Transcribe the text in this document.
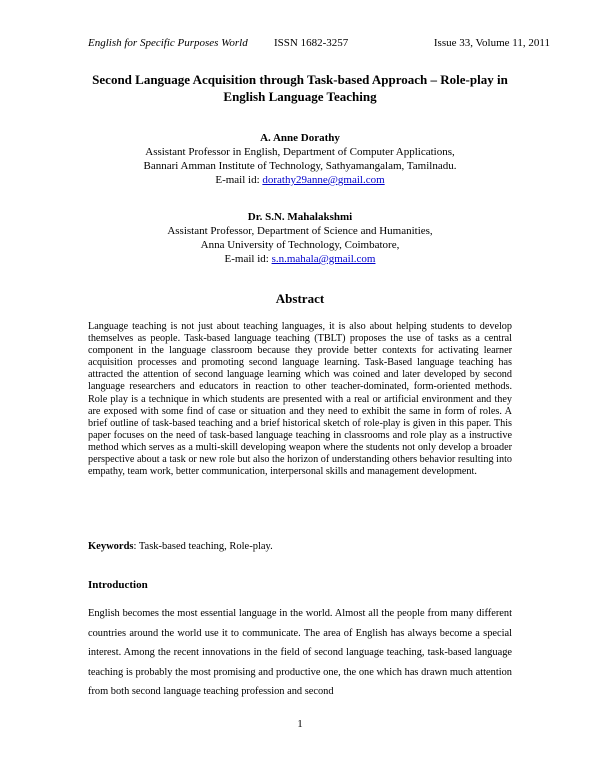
English for Specific Purposes World ISSN 1682-3257	Issue 33, Volume 11, 2011
Second Language Acquisition through Task-based Approach – Role-play in English Language Teaching
A. Anne Dorathy
Assistant Professor in English, Department of Computer Applications,
Bannari Amman Institute of Technology, Sathyamangalam, Tamilnadu.
E-mail id: dorathy29anne@gmail.com
Dr. S.N. Mahalakshmi
Assistant Professor, Department of Science and Humanities,
Anna University of Technology, Coimbatore,
E-mail id: s.n.mahala@gmail.com
Abstract
Language teaching is not just about teaching languages, it is also about helping students to develop themselves as people. Task-based language teaching (TBLT) proposes the use of tasks as a central component in the language classroom because they provide better contexts for activating learner acquisition processes and promoting second language learning. Task-Based language teaching has attracted the attention of second language learning which was coined and later developed by second language researchers and educators in reaction to other teacher-dominated, form-oriented methods. Role play is a technique in which students are presented with a real or artificial environment and they are exposed with some find of case or situation and they need to exhibit the same in form of roles. A brief outline of task-based teaching and a brief historical sketch of role-play is given in this paper. This paper focuses on the need of task-based language teaching in classrooms and role play as a instructive method which serves as a multi-skill developing weapon where the students not only develop a broader perspective about a task or new role but also the horizon of understanding others behavior resulting into empathy, team work, better communication, interpersonal skills and management development.
Keywords: Task-based teaching, Role-play.
Introduction
English becomes the most essential language in the world. Almost all the people from many different countries around the world use it to communicate. The area of English has always become a special interest. Among the recent innovations in the field of second language teaching, task-based language teaching is probably the most promising and productive one, the one which has drawn much attention from both second language teaching profession and second
1
